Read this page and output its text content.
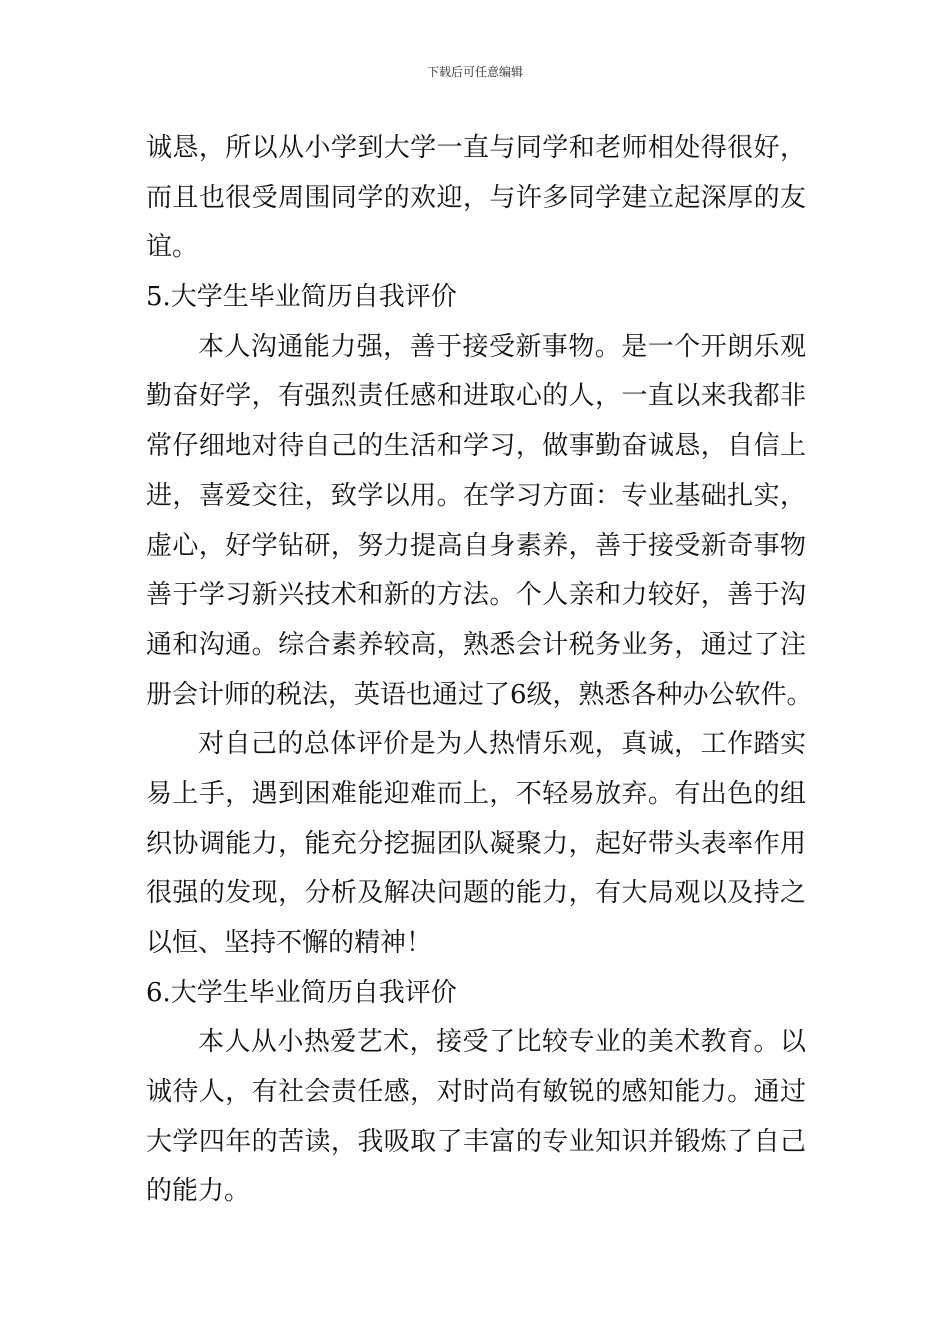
下载后可任意编辑
诚恳，所以从小学到大学一直与同学和老师相处得很好，
而且也很受周围同学的欢迎，与许多同学建立起深厚的友
谊。
5.大学生毕业简历自我评价
本人沟通能力强，善于接受新事物。是一个开朗乐观
勤奋好学，有强烈责任感和进取心的人，一直以来我都非
常仔细地对待自己的生活和学习，做事勤奋诚恳，自信上
进，喜爱交往，致学以用。在学习方面：专业基础扎实，
虚心，好学钻研，努力提高自身素养，善于接受新奇事物
善于学习新兴技术和新的方法。个人亲和力较好，善于沟
通和沟通。综合素养较高，熟悉会计税务业务，通过了注
册会计师的税法，英语也通过了6级，熟悉各种办公软件。
对自己的总体评价是为人热情乐观，真诚，工作踏实
易上手，遇到困难能迎难而上，不轻易放弃。有出色的组
织协调能力，能充分挖掘团队凝聚力，起好带头表率作用
很强的发现，分析及解决问题的能力，有大局观以及持之
以恒、坚持不懈的精神！
6.大学生毕业简历自我评价
本人从小热爱艺术，接受了比较专业的美术教育。以
诚待人，有社会责任感，对时尚有敏锐的感知能力。通过
大学四年的苦读，我吸取了丰富的专业知识并锻炼了自己
的能力。
